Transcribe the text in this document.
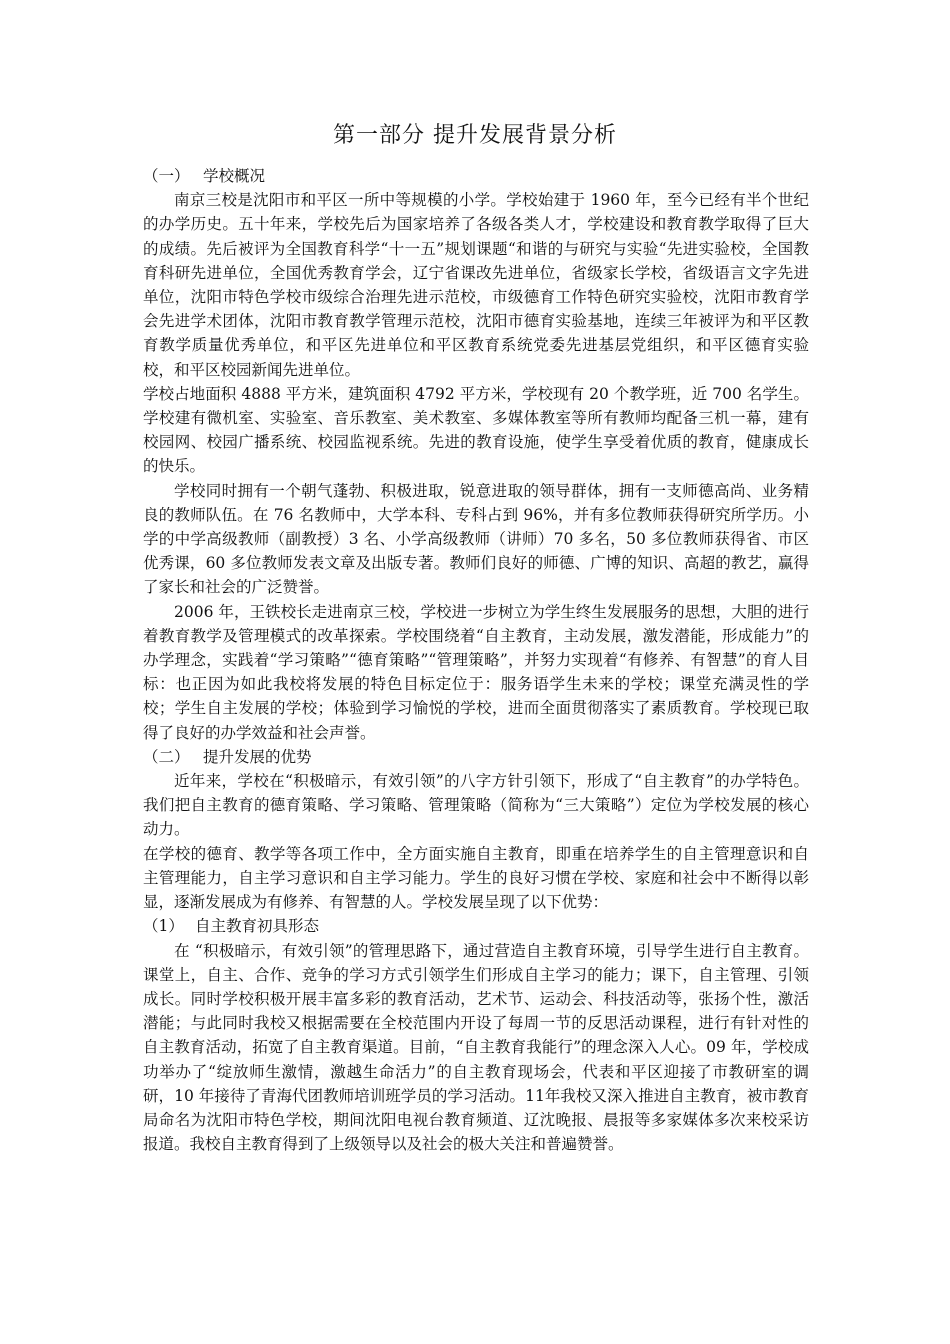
第一部分 提升发展背景分析

（一） 学校概况

南京三校是沈阳市和平区一所中等规模的小学。学校始建于 1960 年，至今已经有半个世纪的办学历史。五十年来，学校先后为国家培养了各级各类人才，学校建设和教育教学取得了巨大的成绩。先后被评为全国教育科学“十一五”规划课题“和谐的与研究与实验“先进实验校，全国教育科研先进单位，全国优秀教育学会，辽宁省课改先进单位，省级家长学校，省级语言文字先进单位，沈阳市特色学校市级综合治理先进示范校，市级德育工作特色研究实验校，沈阳市教育学会先进学术团体，沈阳市教育教学管理示范校，沈阳市德育实验基地，连续三年被评为和平区教育教学质量优秀单位，和平区先进单位和平区教育系统党委先进基层党组织，和平区德育实验校，和平区校园新闻先进单位。

学校占地面积 4888 平方米，建筑面积 4792 平方米，学校现有 20 个教学班，近 700 名学生。学校建有微机室、实验室、音乐教室、美术教室、多媒体教室等所有教师均配备三机一幕，建有校园网、校园广播系统、校园监视系统。先进的教育设施，使学生享受着优质的教育，健康成长的快乐。

学校同时拥有一个朝气蓬勃、积极进取，锐意进取的领导群体，拥有一支师德高尚、业务精良的教师队伍。在 76 名教师中，大学本科、专科占到 96%，并有多位教师获得研究所学历。小学的中学高级教师（副教授）3 名、小学高级教师（讲师）70 多名，50 多位教师获得省、市区优秀课，60 多位教师发表文章及出版专著。教师们良好的师德、广博的知识、高超的教艺，赢得了家长和社会的广泛赞誉。

2006 年，王铁校长走进南京三校，学校进一步树立为学生终生发展服务的思想，大胆的进行着教育教学及管理模式的改革探索。学校围绕着“自主教育，主动发展，激发潜能，形成能力”的办学理念，实践着“学习策略”“德育策略”“管理策略”，并努力实现着“有修养、有智慧”的育人目标：也正因为如此我校将发展的特色目标定位于：服务语学生未来的学校；课堂充满灵性的学校；学生自主发展的学校；体验到学习愉悦的学校，进而全面贯彻落实了素质教育。学校现已取得了良好的办学效益和社会声誉。

（二） 提升发展的优势

近年来，学校在“积极暗示，有效引领”的八字方针引领下，形成了“自主教育”的办学特色。我们把自主教育的德育策略、学习策略、管理策略（简称为“三大策略”）定位为学校发展的核心动力。

在学校的德育、教学等各项工作中，全方面实施自主教育，即重在培养学生的自主管理意识和自主管理能力，自主学习意识和自主学习能力。学生的良好习惯在学校、家庭和社会中不断得以彰显，逐渐发展成为有修养、有智慧的人。学校发展呈现了以下优势：

（1） 自主教育初具形态

在 “积极暗示，有效引领”的管理思路下，通过营造自主教育环境，引导学生进行自主教育。课堂上，自主、合作、竞争的学习方式引领学生们形成自主学习的能力；课下，自主管理、引领成长。同时学校积极开展丰富多彩的教育活动，艺术节、运动会、科技活动等，张扬个性，激活潜能；与此同时我校又根据需要在全校范围内开设了每周一节的反思活动课程，进行有针对性的自主教育活动，拓宽了自主教育渠道。目前，“自主教育我能行”的理念深入人心。09 年，学校成功举办了“绽放师生激情，激越生命活力”的自主教育现场会，代表和平区迎接了市教研室的调研，10 年接待了青海代团教师培训班学员的学习活动。11年我校又深入推进自主教育，被市教育局命名为沈阳市特色学校，期间沈阳电视台教育频道、辽沈晚报、晨报等多家媒体多次来校采访报道。我校自主教育得到了上级领导以及社会的极大关注和普遍赞誉。
